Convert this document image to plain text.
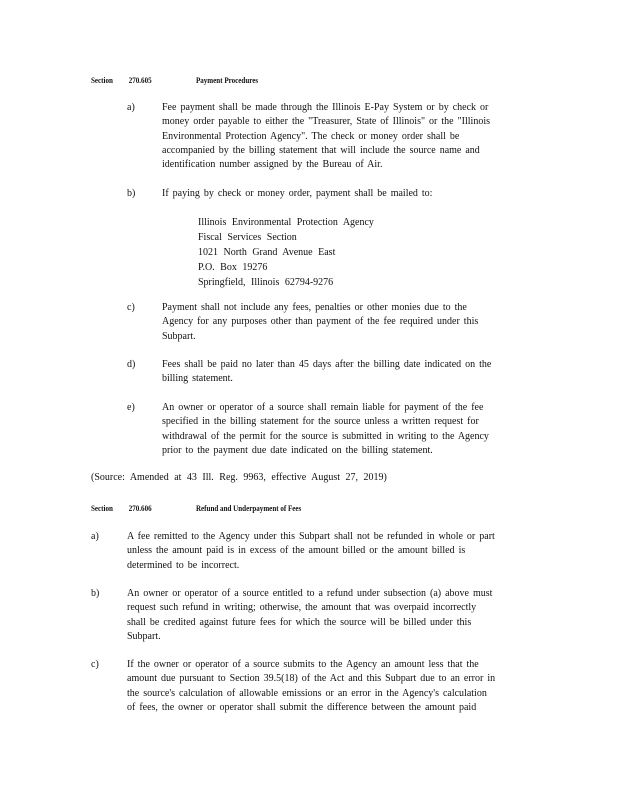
Section 270.605	Payment Procedures
a)	Fee payment shall be made through the Illinois E-Pay System or by check or
money order payable to either the "Treasurer, State of Illinois" or the "Illinois
Environmental Protection Agency". The check or money order shall be
accompanied by the billing statement that will include the source name and
identification number assigned by the Bureau of Air.
b)	If paying by check or money order, payment shall be mailed to:
Illinois Environmental Protection Agency
Fiscal Services Section
1021 North Grand Avenue East
P.O. Box 19276
Springfield, Illinois 62794-9276
c)	Payment shall not include any fees, penalties or other monies due to the
Agency for any purposes other than payment of the fee required under this
Subpart.
d)	Fees shall be paid no later than 45 days after the billing date indicated on the
billing statement.
e)	An owner or operator of a source shall remain liable for payment of the fee
specified in the billing statement for the source unless a written request for
withdrawal of the permit for the source is submitted in writing to the Agency
prior to the payment due date indicated on the billing statement.
(Source: Amended at 43 Ill. Reg. 9963, effective August 27, 2019)
Section 270.606	Refund and Underpayment of Fees
a)	A fee remitted to the Agency under this Subpart shall not be refunded in whole or part
unless the amount paid is in excess of the amount billed or the amount billed is
determined to be incorrect.
b)	An owner or operator of a source entitled to a refund under subsection (a) above must
request such refund in writing; otherwise, the amount that was overpaid incorrectly
shall be credited against future fees for which the source will be billed under this
Subpart.
c)	If the owner or operator of a source submits to the Agency an amount less that the
amount due pursuant to Section 39.5(18) of the Act and this Subpart due to an error in
the source's calculation of allowable emissions or an error in the Agency's calculation
of fees, the owner or operator shall submit the difference between the amount paid
